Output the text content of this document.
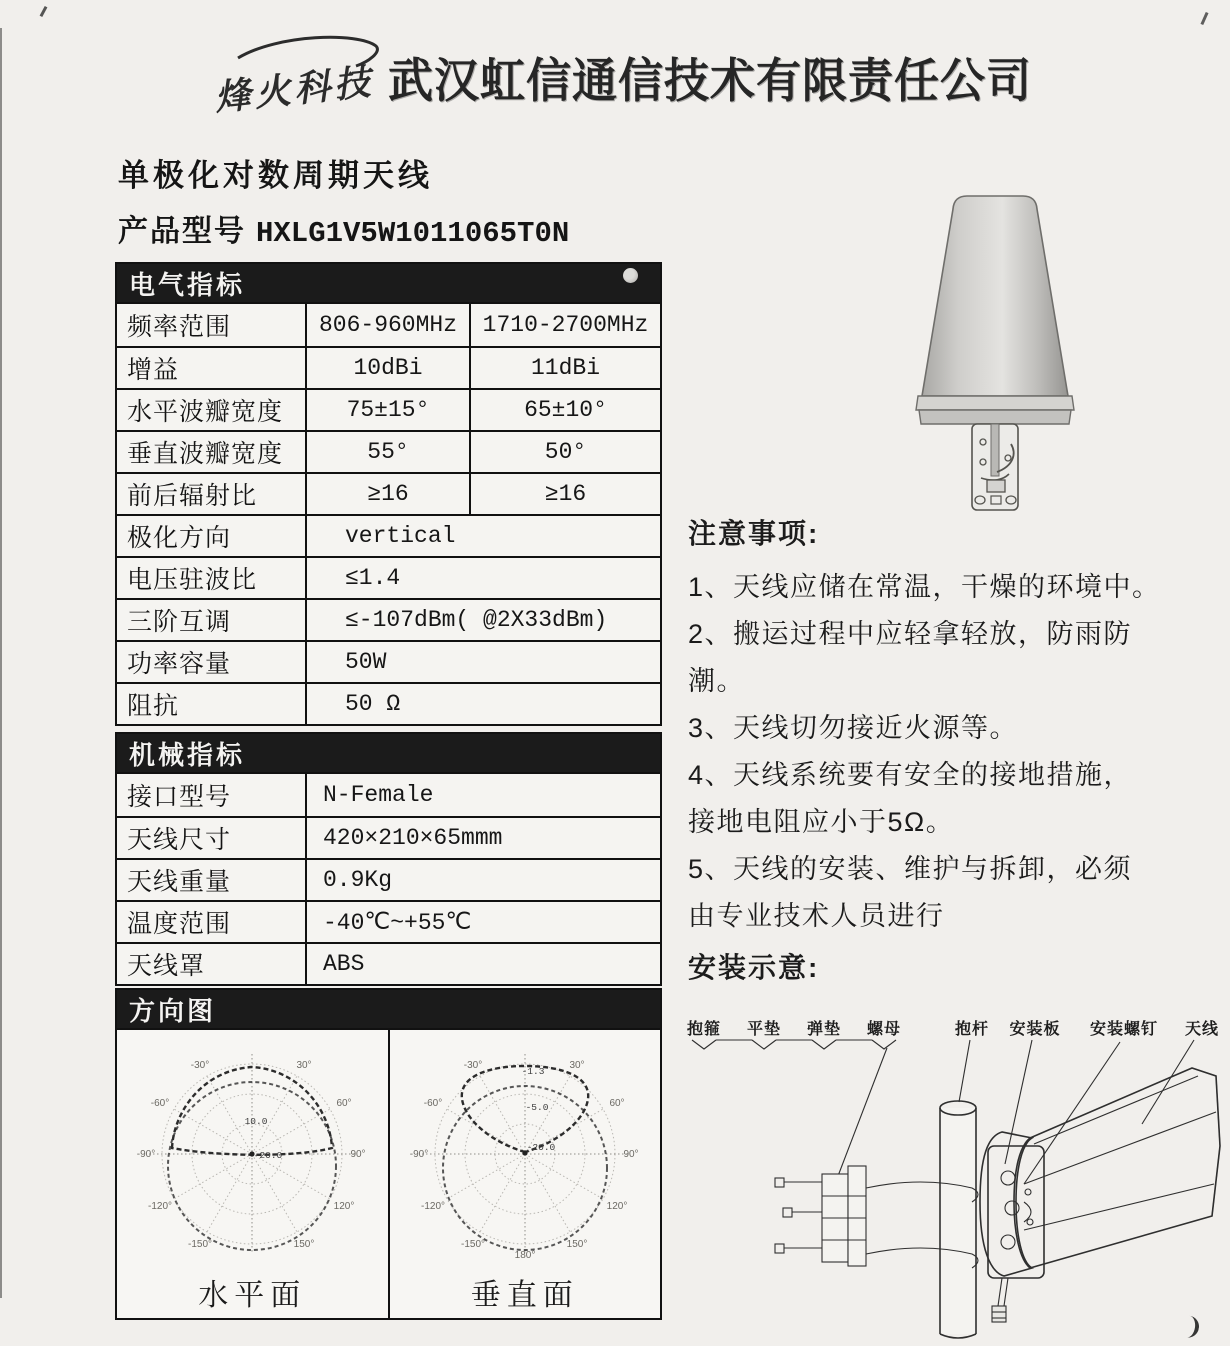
烽火科技 武汉虹信通信技术有限责任公司
单极化对数周期天线
产品型号 HXLG1V5W1011065T0N
电气指标
频率范围	806-960MHz	1710-2700MHz
增益	10dBi	11dBi
水平波瓣宽度	75±15°	65±10°
垂直波瓣宽度	55°	50°
前后辐射比	≥16	≥16
极化方向	vertical
电压驻波比	≤1.4
三阶互调	≤-107dBm( @2X33dBm)
功率容量	50W
阻抗	50 Ω
机械指标
接口型号	N-Female
天线尺寸	420×210×65mmm
天线重量	0.9Kg
温度范围	-40℃~+55℃
天线罩	ABS
方向图
-30°	30°
-60°	60°
-90°	90°
-120°	120°
-150°	150°
10.0
-20.0
水平面
-30°	30°
-60°	60°
-90°	90°
-120°	120°
-150°	150°
180°
-1.3
-5.0
-20.0
垂直面
注意事项:
1、天线应储在常温，干燥的环境中。
2、搬运过程中应轻拿轻放，防雨防
潮。
3、天线切勿接近火源等。
4、天线系统要有安全的接地措施，
接地电阻应小于5Ω。
5、天线的安装、维护与拆卸，必须
由专业技术人员进行
安装示意:
抱箍 平垫 弹垫 螺母	抱杆 安装板 安装螺钉 天线
